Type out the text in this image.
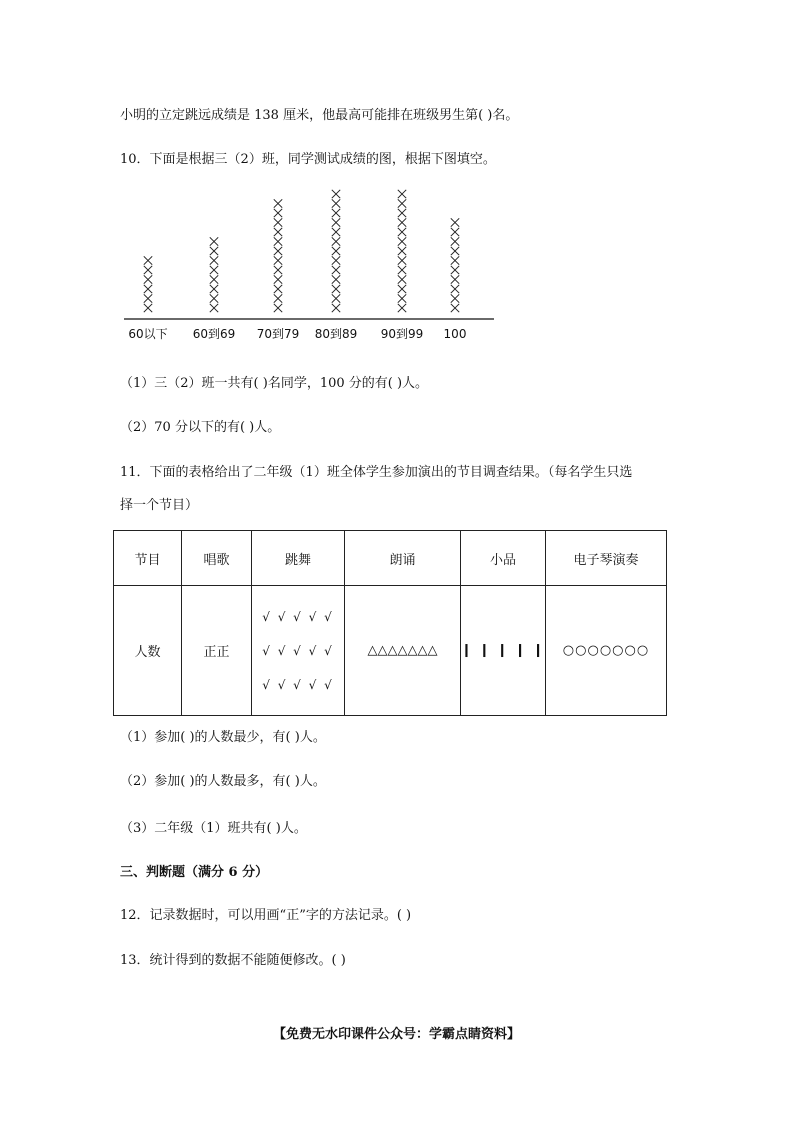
小明的立定跳远成绩是 138 厘米，他最高可能排在班级男生第( )名。
10．下面是根据三（2）班，同学测试成绩的图，根据下图填空。
60以下 60到69 70到79 80到89 90到99 100
（1）三（2）班一共有( )名同学，100 分的有( )人。
（2）70 分以下的有( )人。
11．下面的表格给出了二年级（1）班全体学生参加演出的节目调查结果。（每名学生只选
择一个节目）
节目	唱歌	跳舞	朗诵	小品	电子琴演奏
人数	正正	√ √ √ √ √
√ √ √ √ √
√ √ √ √ √	△△△△△△△	❙❙❙❙❙	○○○○○○○
（1）参加( )的人数最少，有( )人。
（2）参加( )的人数最多，有( )人。
（3）二年级（1）班共有( )人。
三、判断题（满分 6 分）
12．记录数据时，可以用画“正”字的方法记录。( )
13．统计得到的数据不能随便修改。( )
【免费无水印课件公众号：学霸点睛资料】
